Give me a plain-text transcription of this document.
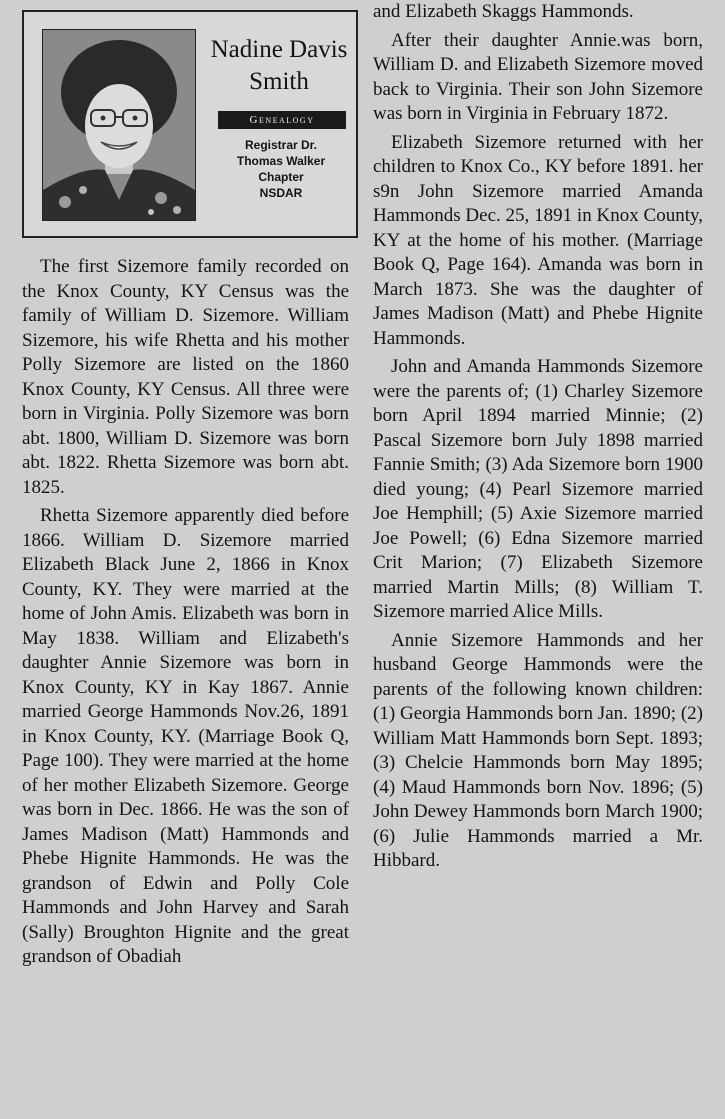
Nadine Davis Smith
Genealogy
Registrar Dr.
Thomas Walker
Chapter
NSDAR

The first Sizemore family recorded on the Knox County, KY Census was the family of William D. Sizemore. William Sizemore, his wife Rhetta and his mother Polly Sizemore are listed on the 1860 Knox County, KY Census. All three were born in Virginia. Polly Sizemore was born abt. 1800, William D. Sizemore was born abt. 1822. Rhetta Sizemore was born abt. 1825.

Rhetta Sizemore apparently died before 1866. William D. Sizemore married Elizabeth Black June 2, 1866 in Knox County, KY. They were married at the home of John Amis. Elizabeth was born in May 1838. William and Elizabeth's daughter Annie Sizemore was born in Knox County, KY in Kay 1867. Annie married George Hammonds Nov.26, 1891 in Knox County, KY. (Marriage Book Q, Page 100). They were married at the home of her mother Elizabeth Sizemore. George was born in Dec. 1866. He was the son of James Madison (Matt) Hammonds and Phebe Hignite Hammonds. He was the grandson of Edwin and Polly Cole Hammonds and John Harvey and Sarah (Sally) Broughton Hignite and the great grandson of Obadiah

and Elizabeth Skaggs Hammonds.

After their daughter Annie.was born, William D. and Elizabeth Sizemore moved back to Virginia. Their son John Sizemore was born in Virginia in February 1872.

Elizabeth Sizemore returned with her children to Knox Co., KY before 1891. her s9n John Sizemore married Amanda Hammonds Dec. 25, 1891 in Knox County, KY at the home of his mother. (Marriage Book Q, Page 164). Amanda was born in March 1873. She was the daughter of James Madison (Matt) and Phebe Hignite Hammonds.

John and Amanda Hammonds Sizemore were the parents of; (1) Charley Sizemore born April 1894 married Minnie; (2) Pascal Sizemore born July 1898 married Fannie Smith; (3) Ada Sizemore born 1900 died young; (4) Pearl Sizemore married Joe Hemphill; (5) Axie Sizemore married Joe Powell; (6) Edna Sizemore married Crit Marion; (7) Elizabeth Sizemore married Martin Mills; (8) William T. Sizemore married Alice Mills.

Annie Sizemore Hammonds and her husband George Hammonds were the parents of the following known children: (1) Georgia Hammonds born Jan. 1890; (2) William Matt Hammonds born Sept. 1893; (3) Chelcie Hammonds born May 1895; (4) Maud Hammonds born Nov. 1896; (5) John Dewey Hammonds born March 1900; (6) Julie Hammonds married a Mr. Hibbard.
